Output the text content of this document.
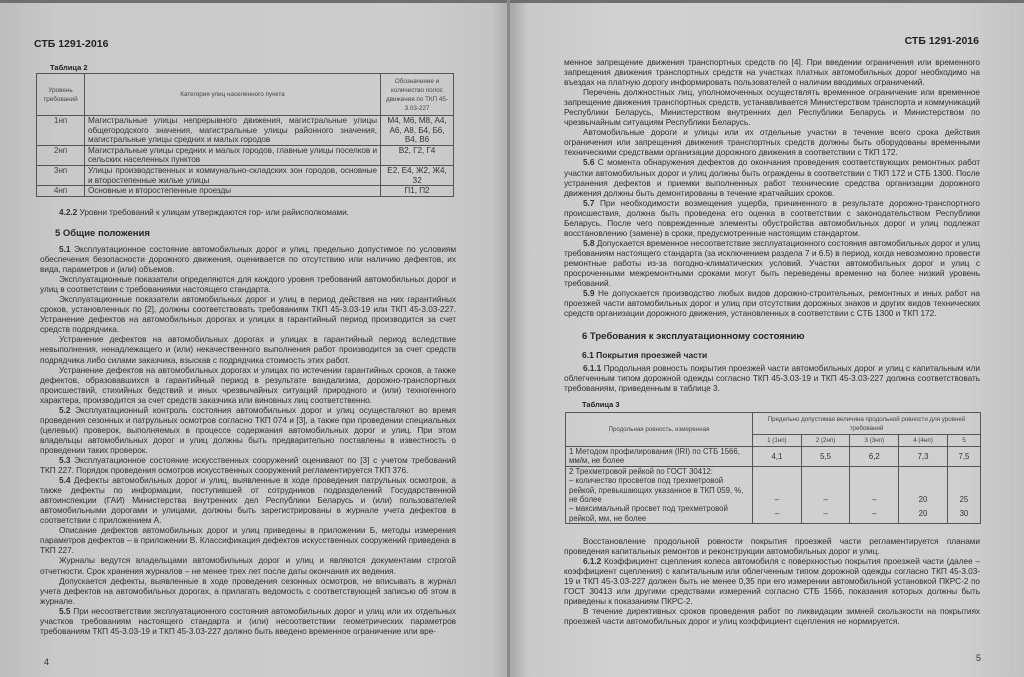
СТБ 1291-2016
Таблица 2
Уровень требований	Категория улиц населенного пункта	Обозначение и количество полос движения по ТКП 45-3.03-227
1нп	Магистральные улицы непрерывного движения, магистральные улицы общегородского значения, магистральные улицы районного значения, магистральные улицы средних и малых городов	М4, М6, М8, А4, А6, А8, Б4, Б6, В4, В6
2нп	Магистральные улицы средних и малых городов, главные улицы поселков и сельских населенных пунктов	В2, Г2, Г4
3нп	Улицы производственных и коммунально-складских зон городов, основные и второстепенные жилые улицы	Е2, Е4, Ж2, Ж4, З2
4нп	Основные и второстепенные проезды	П1, П2

4.2.2 Уровни требований к улицам утверждаются гор- или райисполкомами.

5 Общие положения

5.1 Эксплуатационное состояние автомобильных дорог и улиц, предельно допустимое по условиям обеспечения безопасности дорожного движения, оценивается по отсутствию или наличию дефектов, их вида, параметров и (или) объемов.

Эксплуатационные показатели определяются для каждого уровня требований автомобильных дорог и улиц в соответствии с требованиями настоящего стандарта.

Эксплуатационные показатели автомобильных дорог и улиц в период действия на них гарантийных сроков, установленных по [2], должны соответствовать требованиям ТКП 45-3.03-19 или ТКП 45-3.03-227. Устранение дефектов на автомобильных дорогах и улицах в гарантийный период производится за счет средств подрядчика.

Устранение дефектов на автомобильных дорогах и улицах в гарантийный период вследствие невыполнения, ненадлежащего и (или) некачественного выполнения работ производится за счет средств подрядчика либо силами заказчика, взыскав с подрядчика стоимость этих работ.

Устранение дефектов на автомобильных дорогах и улицах по истечении гарантийных сроков, а также дефектов, образовавшихся в гарантийный период в результате вандализма, дорожно-транспортных происшествий, стихийных бедствий и иных чрезвычайных ситуаций природного и (или) техногенного характера, производится за счет средств заказчика или виновных лиц соответственно.

5.2 Эксплуатационный контроль состояния автомобильных дорог и улиц осуществляют во время проведения сезонных и патрульных осмотров согласно ТКП 074 и [3], а также при проведении специальных (целевых) проверок, выполняемых в процессе содержания автомобильных дорог и улиц. При этом владельцы автомобильных дорог и улиц должны быть предварительно поставлены в известность о проведении таких проверок.

5.3 Эксплуатационное состояние искусственных сооружений оценивают по [3] с учетом требований ТКП 227. Порядок проведения осмотров искусственных сооружений регламентируется ТКП 376.

5.4 Дефекты автомобильных дорог и улиц, выявленные в ходе проведения патрульных осмотров, а также дефекты по информации, поступившей от сотрудников подразделений Государственной автоинспекции (ГАИ) Министерства внутренних дел Республики Беларусь и (или) пользователей автомобильными дорогами и улицами, должны быть зарегистрированы в журнале учета дефектов в соответствии с приложением А.

Описание дефектов автомобильных дорог и улиц приведены в приложении Б, методы измерения параметров дефектов – в приложении В. Классификация дефектов искусственных сооружений приведена в ТКП 227.

Журналы ведутся владельцами автомобильных дорог и улиц и являются документами строгой отчетности. Срок хранения журналов – не менее трех лет после даты окончания их ведения.

Допускается дефекты, выявленные в ходе проведения сезонных осмотров, не вписывать в журнал учета дефектов на автомобильных дорогах, а прилагать ведомость с соответствующей записью об этом в журнале.

5.5 При несоответствии эксплуатационного состояния автомобильных дорог и улиц или их отдельных участков требованиям настоящего стандарта и (или) несоответствии геометрических параметров требованиям ТКП 45-3.03-19 и ТКП 45-3.03-227 должно быть введено временное ограничение или вре-

4
СТБ 1291-2016

менное запрещение движения транспортных средств по [4]. При введении ограничения или временного запрещения движения транспортных средств на участках платных автомобильных дорог необходимо на въездах на платную дорогу информировать пользователей о наличии вводимых ограничений.

Перечень должностных лиц, уполномоченных осуществлять временное ограничение или временное запрещение движения транспортных средств, устанавливается Министерством транспорта и коммуникаций Республики Беларусь, Министерством внутренних дел Республики Беларусь и Министерством по чрезвычайным ситуациям Республики Беларусь.

Автомобильные дороги и улицы или их отдельные участки в течение всего срока действия ограничения или запрещения движения транспортных средств должны быть оборудованы временными техническими средствами организации дорожного движения в соответствии с ТКП 172.

5.6 С момента обнаружения дефектов до окончания проведения соответствующих ремонтных работ участки автомобильных дорог и улиц должны быть ограждены в соответствии с ТКП 172 и СТБ 1300. После устранения дефектов и приемки выполненных работ технические средства организации дорожного движения должны быть демонтированы в течение кратчайших сроков.

5.7 При необходимости возмещения ущерба, причиненного в результате дорожно-транспортного происшествия, должна быть проведена его оценка в соответствии с законодательством Республики Беларусь. После чего поврежденные элементы обустройства автомобильных дорог и улиц подлежат восстановлению (замене) в сроки, предусмотренные настоящим стандартом.

5.8 Допускается временное несоответствие эксплуатационного состояния автомобильных дорог и улиц требованиям настоящего стандарта (за исключением раздела 7 и 6.5) в период, когда невозможно провести ремонтные работы из-за погодно-климатических условий. Участки автомобильных дорог и улиц с просроченными межремонтными сроками могут быть переведены временно на более низкий уровень требований.

5.9 Не допускается производство любых видов дорожно-строительных, ремонтных и иных работ на проезжей части автомобильных дорог и улиц при отсутствии дорожных знаков и других видов технических средств организации дорожного движения, установленных в соответствии с СТБ 1300 и ТКП 172.

6 Требования к эксплуатационному состоянию
6.1 Покрытия проезжей части

6.1.1 Продольная ровность покрытия проезжей части автомобильных дорог и улиц с капитальным или облегченным типом дорожной одежды согласно ТКП 45-3.03-19 и ТКП 45-3.03-227 должна соответствовать требованиям, приведенным в таблице 3.

Таблица 3
Продольная ровность, измеренная	Предельно допустимая величина продольной ровности для уровней требований				
	1 (1нп)	2 (2нп)	3 (3нп)	4 (4нп)	5
1 Методом профилирования (IRI) по СТБ 1566, мм/м, не более	4,1	5,5	6,2	7,3	7,5

2 Трехметровой рейкой по ГОСТ 30412:
– количество просветов под трехметровой рейкой, превышающих указанное в ТКП 059, %, не более	–	–	–	20	25
– максимальный просвет под трехметровой рейкой, мм, не более	–	–	–	20	30

Восстановление продольной ровности покрытия проезжей части регламентируется планами проведения капитальных ремонтов и реконструкции автомобильных дорог и улиц.

6.1.2 Коэффициент сцепления колеса автомобиля с поверхностью покрытия проезжей части (далее – коэффициент сцепления) с капитальным или облегченным типом дорожной одежды согласно ТКП 45-3.03-19 и ТКП 45-3.03-227 должен быть не менее 0,35 при его измерении автомобильной установкой ПКРС-2 по ГОСТ 30413 или другими средствами измерений согласно СТБ 1566, показания которых должны быть приведены к показаниям ПКРС-2.

В течение директивных сроков проведения работ по ликвидации зимней скользкости на покрытиях проезжей части автомобильных дорог и улиц коэффициент сцепления не нормируется.

5
